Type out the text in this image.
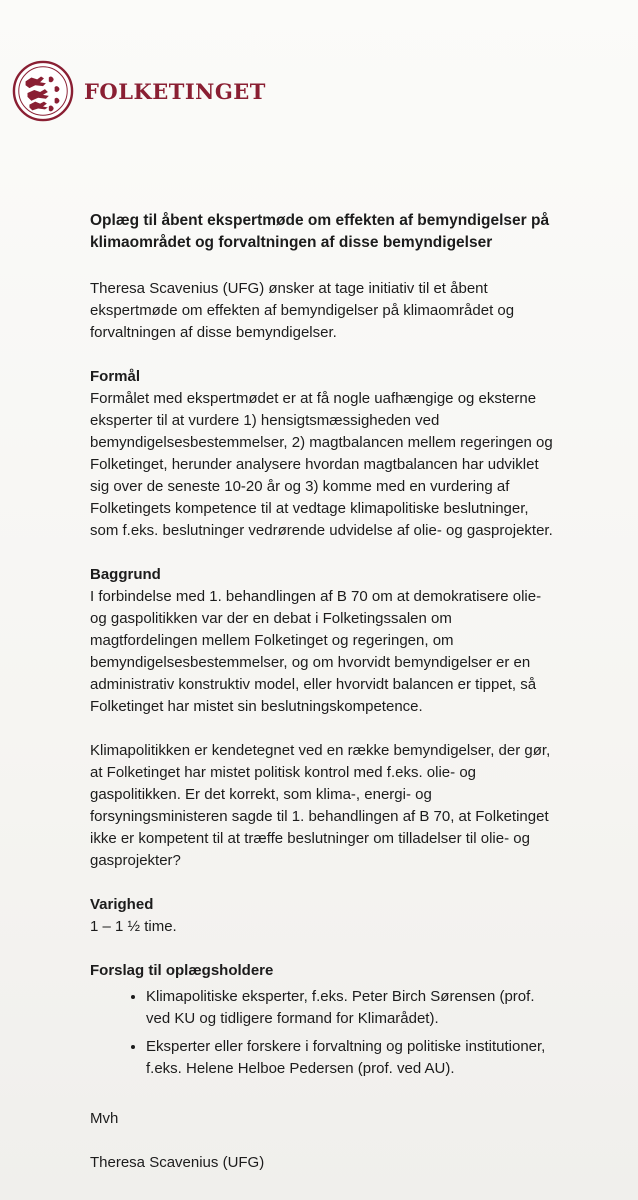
FOLKETINGET

Oplæg til åbent ekspertmøde om effekten af bemyndigelser på klimaområdet og forvaltningen af disse bemyndigelser

Theresa Scavenius (UFG) ønsker at tage initiativ til et åbent ekspertmøde om effekten af bemyndigelser på klimaområdet og forvaltningen af disse bemyndigelser.

Formål

Formålet med ekspertmødet er at få nogle uafhængige og eksterne eksperter til at vurdere 1) hensigtsmæssigheden ved bemyndigelsesbestemmelser, 2) magtbalancen mellem regeringen og Folketinget, herunder analysere hvordan magtbalancen har udviklet sig over de seneste 10-20 år og 3) komme med en vurdering af Folketingets kompetence til at vedtage klimapolitiske beslutninger, som f.eks. beslutninger vedrørende udvidelse af olie- og gasprojekter.

Baggrund

I forbindelse med 1. behandlingen af B 70 om at demokratisere olie- og gaspolitikken var der en debat i Folketingssalen om magtfordelingen mellem Folketinget og regeringen, om bemyndigelsesbestemmelser, og om hvorvidt bemyndigelser er en administrativ konstruktiv model, eller hvorvidt balancen er tippet, så Folketinget har mistet sin beslutningskompetence.

Klimapolitikken er kendetegnet ved en række bemyndigelser, der gør, at Folketinget har mistet politisk kontrol med f.eks. olie- og gaspolitikken. Er det korrekt, som klima-, energi- og forsyningsministeren sagde til 1. behandlingen af B 70, at Folketinget ikke er kompetent til at træffe beslutninger om tilladelser til olie- og gasprojekter?

Varighed

1 – 1 ½ time.

Forslag til oplægsholdere

• Klimapolitiske eksperter, f.eks. Peter Birch Sørensen (prof. ved KU og tidligere formand for Klimarådet).
• Eksperter eller forskere i forvaltning og politiske institutioner, f.eks. Helene Helboe Pedersen (prof. ved AU).

Mvh

Theresa Scavenius (UFG)
